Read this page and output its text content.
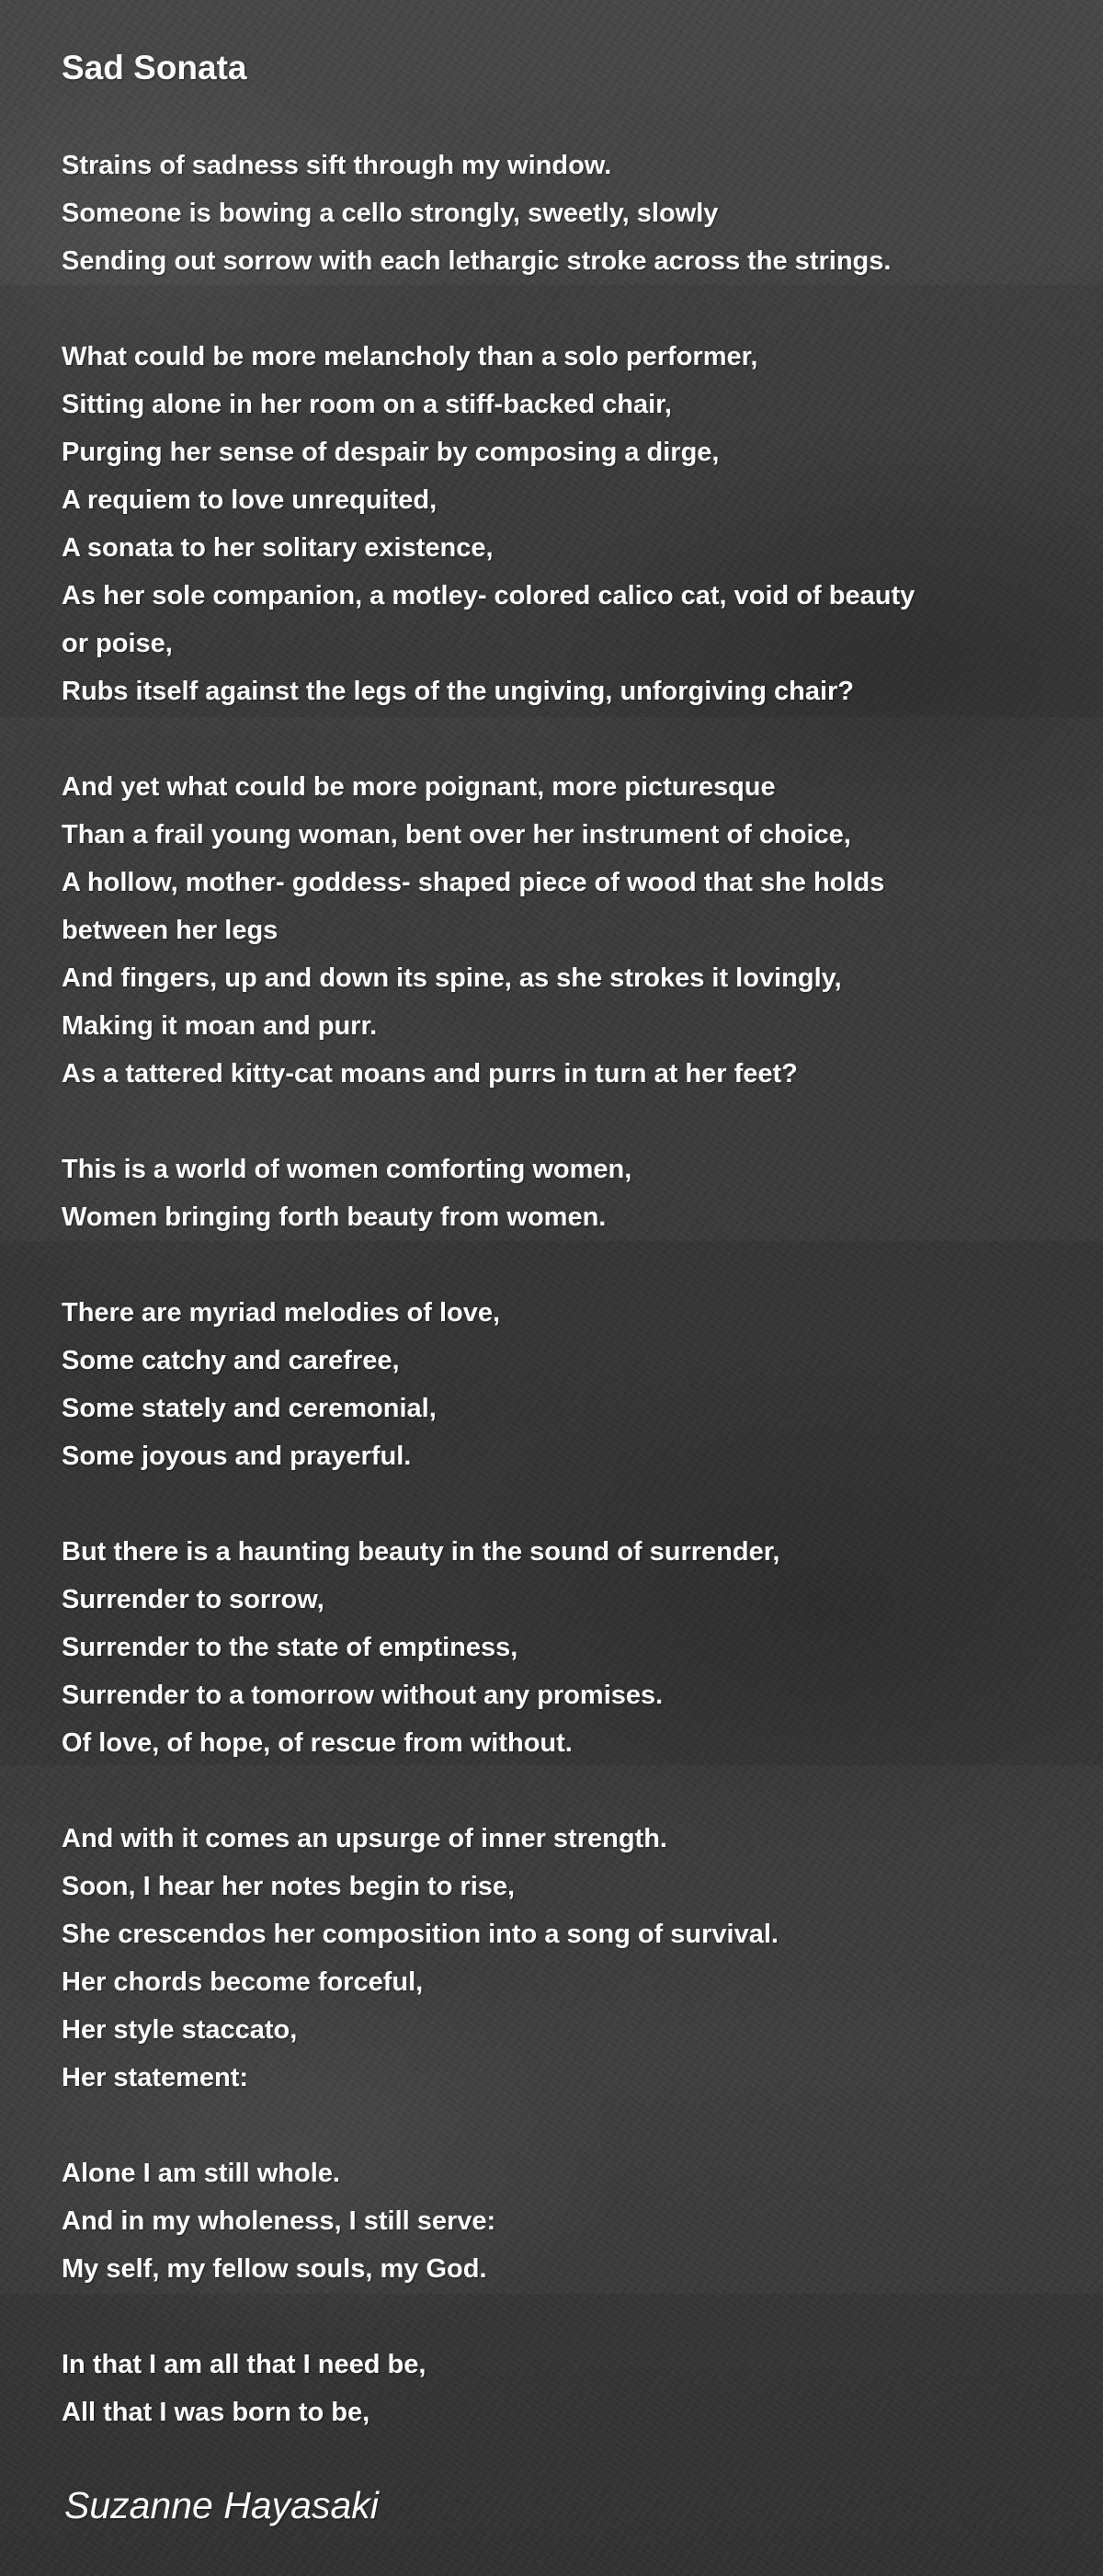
Sad Sonata
Strains of sadness sift through my window.
Someone is bowing a cello strongly, sweetly, slowly
Sending out sorrow with each lethargic stroke across the strings.
What could be more melancholy than a solo performer,
Sitting alone in her room on a stiff-backed chair,
Purging her sense of despair by composing a dirge,
A requiem to love unrequited,
A sonata to her solitary existence,
As her sole companion, a motley- colored calico cat, void of beauty
or poise,
Rubs itself against the legs of the ungiving, unforgiving chair?
And yet what could be more poignant, more picturesque
Than a frail young woman, bent over her instrument of choice,
A hollow, mother- goddess- shaped piece of wood that she holds
between her legs
And fingers, up and down its spine, as she strokes it lovingly,
Making it moan and purr.
As a tattered kitty-cat moans and purrs in turn at her feet?
This is a world of women comforting women,
Women bringing forth beauty from women.
There are myriad melodies of love,
Some catchy and carefree,
Some stately and ceremonial,
Some joyous and prayerful.
But there is a haunting beauty in the sound of surrender,
Surrender to sorrow,
Surrender to the state of emptiness,
Surrender to a tomorrow without any promises.
Of love, of hope, of rescue from without.
And with it comes an upsurge of inner strength.
Soon, I hear her notes begin to rise,
She crescendos her composition into a song of survival.
Her chords become forceful,
Her style staccato,
Her statement:
Alone I am still whole.
And in my wholeness, I still serve:
My self, my fellow souls, my God.
In that I am all that I need be,
All that I was born to be,
Suzanne Hayasaki
